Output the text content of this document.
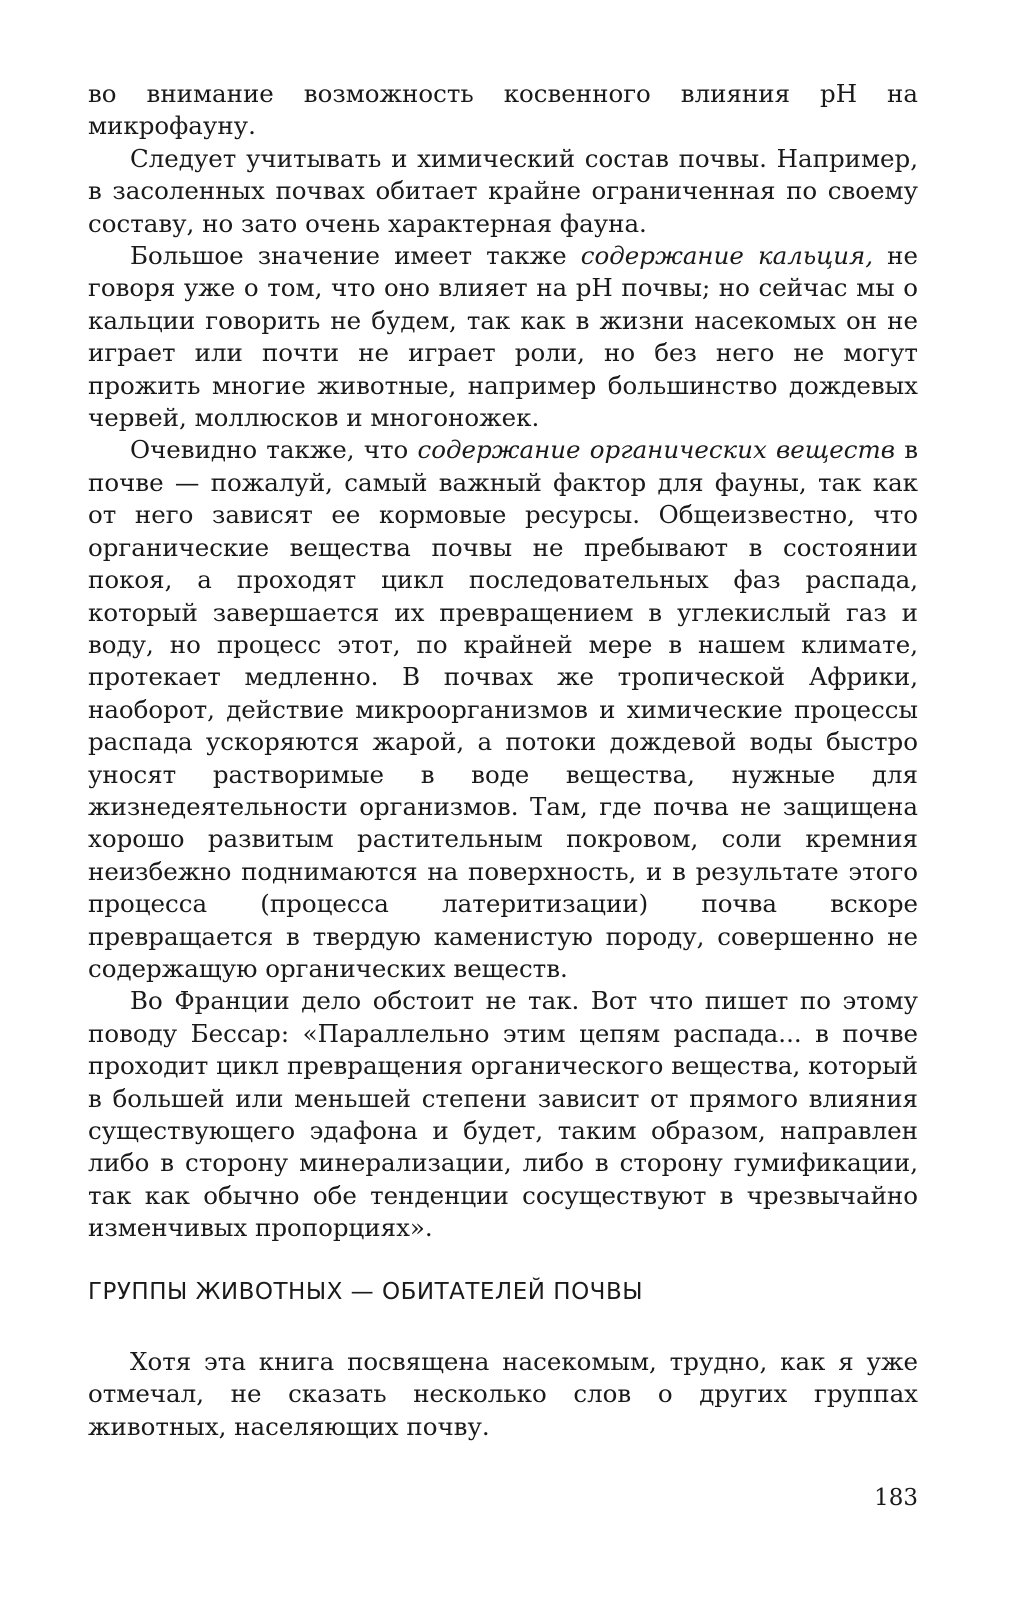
во внимание возможность косвенного влияния pH на микрофауну.

Следует учитывать и химический состав почвы. Например, в засоленных почвах обитает крайне ограниченная по своему составу, но зато очень характерная фауна.

Большое значение имеет также содержание кальция, не говоря уже о том, что оно влияет на pH почвы; но сейчас мы о кальции говорить не будем, так как в жизни насекомых он не играет или почти не играет роли, но без него не могут прожить многие животные, например большинство дождевых червей, моллюсков и многоножек.

Очевидно также, что содержание органических веществ в почве — пожалуй, самый важный фактор для фауны, так как от него зависят ее кормовые ресурсы. Общеизвестно, что органические вещества почвы не пребывают в состоянии покоя, а проходят цикл последовательных фаз распада, который завершается их превращением в углекислый газ и воду, но процесс этот, по крайней мере в нашем климате, протекает медленно. В почвах же тропической Африки, наоборот, действие микроорганизмов и химические процессы распада ускоряются жарой, а потоки дождевой воды быстро уносят растворимые в воде вещества, нужные для жизнедеятельности организмов. Там, где почва не защищена хорошо развитым растительным покровом, соли кремния неизбежно поднимаются на поверхность, и в результате этого процесса (процесса латеритизации) почва вскоре превращается в твердую каменистую породу, совершенно не содержащую органических веществ.

Во Франции дело обстоит не так. Вот что пишет по этому поводу Бессар: «Параллельно этим цепям распада... в почве проходит цикл превращения органического вещества, который в большей или меньшей степени зависит от прямого влияния существующего эдафона и будет, таким образом, направлен либо в сторону минерализации, либо в сторону гумификации, так как обычно обе тенденции сосуществуют в чрезвычайно изменчивых пропорциях».

ГРУППЫ ЖИВОТНЫХ — ОБИТАТЕЛЕЙ ПОЧВЫ

Хотя эта книга посвящена насекомым, трудно, как я уже отмечал, не сказать несколько слов о других группах животных, населяющих почву.

183
